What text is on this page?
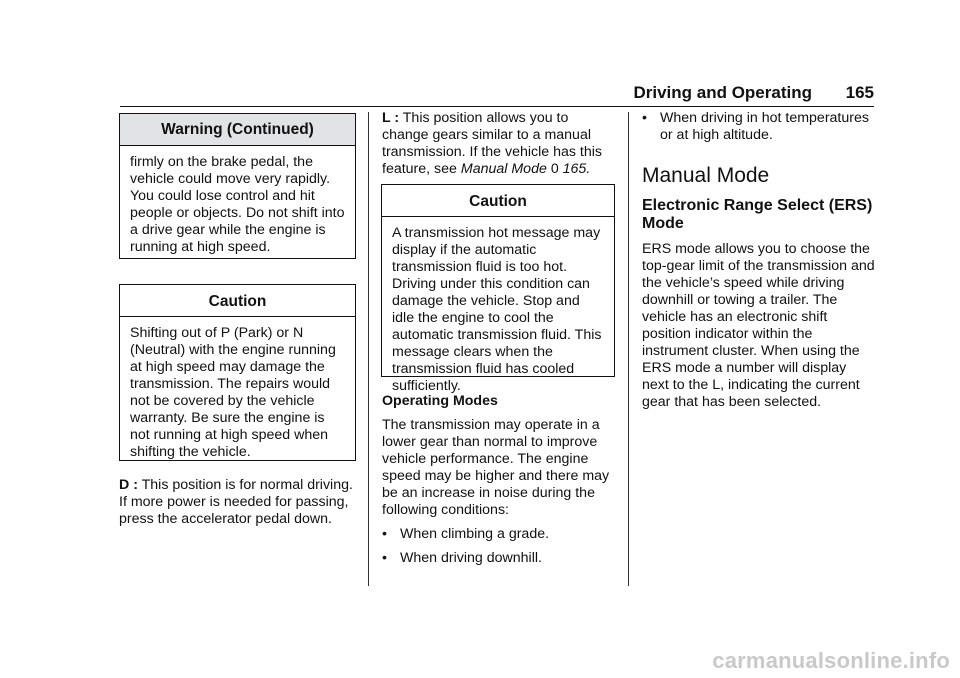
Driving and Operating 165
Warning (Continued)
firmly on the brake pedal, the vehicle could move very rapidly. You could lose control and hit people or objects. Do not shift into a drive gear while the engine is running at high speed.
Caution
Shifting out of P (Park) or N (Neutral) with the engine running at high speed may damage the transmission. The repairs would not be covered by the vehicle warranty. Be sure the engine is not running at high speed when shifting the vehicle.

D : This position is for normal driving. If more power is needed for passing, press the accelerator pedal down.

L : This position allows you to change gears similar to a manual transmission. If the vehicle has this feature, see Manual Mode 0 165.

Caution
A transmission hot message may display if the automatic transmission fluid is too hot. Driving under this condition can damage the vehicle. Stop and idle the engine to cool the automatic transmission fluid. This message clears when the transmission fluid has cooled sufficiently.

Operating Modes

The transmission may operate in a lower gear than normal to improve vehicle performance. The engine speed may be higher and there may be an increase in noise during the following conditions:

• When climbing a grade.
• When driving downhill.
• When driving in hot temperatures or at high altitude.

Manual Mode

Electronic Range Select (ERS) Mode

ERS mode allows you to choose the top-gear limit of the transmission and the vehicle’s speed while driving downhill or towing a trailer. The vehicle has an electronic shift position indicator within the instrument cluster. When using the ERS mode a number will display next to the L, indicating the current gear that has been selected.

carmanualsonline.info
